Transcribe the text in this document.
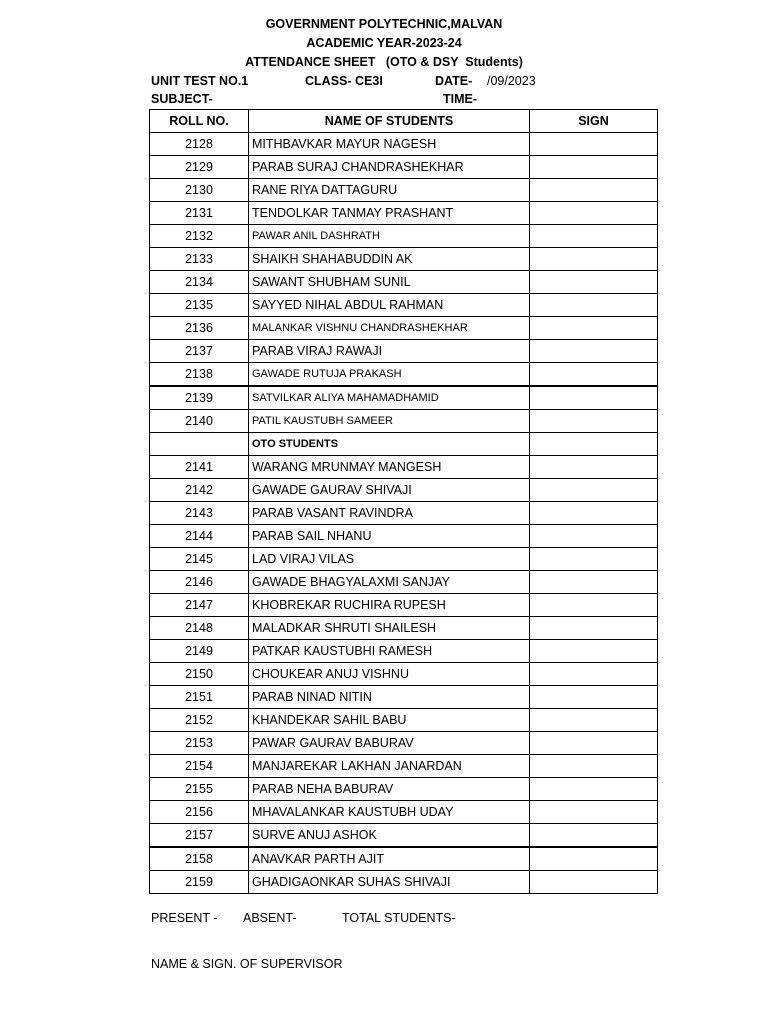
GOVERNMENT POLYTECHNIC,MALVAN
ACADEMIC YEAR-2023-24
ATTENDANCE SHEET   (OTO & DSY  Students)
UNIT TEST NO.1	CLASS- CE3I	DATE- /09/2023
SUBJECT-	TIME-
ROLL NO.	NAME OF STUDENTS	SIGN
2128	MITHBAVKAR MAYUR NAGESH	
2129	PARAB SURAJ CHANDRASHEKHAR	
2130	RANE RIYA DATTAGURU	
2131	TENDOLKAR TANMAY PRASHANT	
2132	PAWAR ANIL DASHRATH	
2133	SHAIKH SHAHABUDDIN AK	
2134	SAWANT SHUBHAM SUNIL	
2135	SAYYED NIHAL ABDUL RAHMAN	
2136	MALANKAR VISHNU CHANDRASHEKHAR	
2137	PARAB VIRAJ RAWAJI	
2138	GAWADE RUTUJA PRAKASH	
2139	SATVILKAR ALIYA MAHAMADHAMID	
2140	PATIL KAUSTUBH SAMEER	
	OTO STUDENTS	
2141	WARANG MRUNMAY MANGESH	
2142	GAWADE GAURAV SHIVAJI	
2143	PARAB VASANT RAVINDRA	
2144	PARAB SAIL NHANU	
2145	LAD VIRAJ VILAS	
2146	GAWADE BHAGYALAXMI SANJAY	
2147	KHOBREKAR RUCHIRA RUPESH	
2148	MALADKAR SHRUTI SHAILESH	
2149	PATKAR KAUSTUBHI RAMESH	
2150	CHOUKEAR ANUJ VISHNU	
2151	PARAB NINAD NITIN	
2152	KHANDEKAR SAHIL BABU	
2153	PAWAR GAURAV BABURAV	
2154	MANJAREKAR LAKHAN JANARDAN	
2155	PARAB NEHA BABURAV	
2156	MHAVALANKAR KAUSTUBH UDAY	
2157	SURVE ANUJ ASHOK	
2158	ANAVKAR PARTH AJIT	
2159	GHADIGAONKAR SUHAS SHIVAJI	
PRESENT - ABSENT-	TOTAL STUDENTS-
NAME & SIGN. OF SUPERVISOR
